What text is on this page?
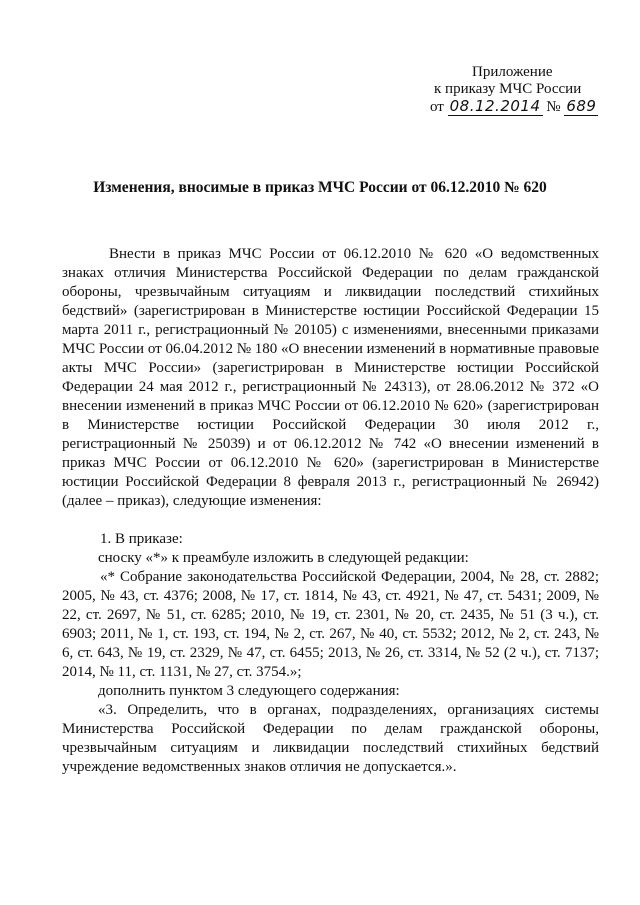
Приложение
к приказу МЧС России
от 08.12.2014 № 689
Изменения, вносимые в приказ МЧС России от 06.12.2010 № 620

Внести в приказ МЧС России от 06.12.2010 № 620 «О ведомственных знаках отличия Министерства Российской Федерации по делам гражданской обороны, чрезвычайным ситуациям и ликвидации последствий стихийных бедствий» (зарегистрирован в Министерстве юстиции Российской Федерации 15 марта 2011 г., регистрационный № 20105) с изменениями, внесенными приказами МЧС России от 06.04.2012 № 180 «О внесении изменений в нормативные правовые акты МЧС России» (зарегистрирован в Министерстве юстиции Российской Федерации 24 мая 2012 г., регистрационный № 24313), от 28.06.2012 № 372 «О внесении изменений в приказ МЧС России от 06.12.2010 № 620» (зарегистрирован в Министерстве юстиции Российской Федерации 30 июля 2012 г., регистрационный № 25039) и от 06.12.2012 № 742 «О внесении изменений в приказ МЧС России от 06.12.2010 № 620» (зарегистрирован в Министерстве юстиции Российской Федерации 8 февраля 2013 г., регистрационный № 26942) (далее – приказ), следующие изменения:

1. В приказе:

сноску «*» к преамбуле изложить в следующей редакции:

«* Собрание законодательства Российской Федерации, 2004, № 28, ст. 2882; 2005, № 43, ст. 4376; 2008, № 17, ст. 1814, № 43, ст. 4921, № 47, ст. 5431; 2009, № 22, ст. 2697, № 51, ст. 6285; 2010, № 19, ст. 2301, № 20, ст. 2435, № 51 (3 ч.), ст. 6903; 2011, № 1, ст. 193, ст. 194, № 2, ст. 267, № 40, ст. 5532; 2012, № 2, ст. 243, № 6, ст. 643, № 19, ст. 2329, № 47, ст. 6455; 2013, № 26, ст. 3314, № 52 (2 ч.), ст. 7137; 2014, № 11, ст. 1131, № 27, ст. 3754.»;

дополнить пунктом 3 следующего содержания:

«3. Определить, что в органах, подразделениях, организациях системы Министерства Российской Федерации по делам гражданской обороны, чрезвычайным ситуациям и ликвидации последствий стихийных бедствий учреждение ведомственных знаков отличия не допускается.».
